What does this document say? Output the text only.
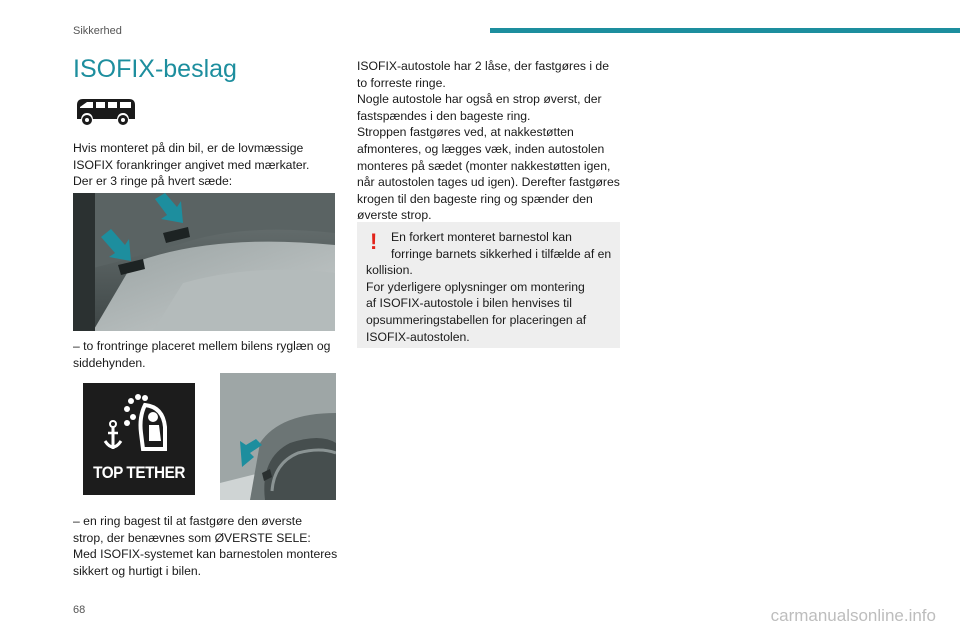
Sikkerhed
ISOFIX-beslag

Hvis monteret på din bil, er de lovmæssige

ISOFIX forankringer angivet med mærkater.

Der er 3 ringe på hvert sæde:

– to frontringe placeret mellem bilens ryglæn og

siddehynden.

TOP TETHER

– en ring bagest til at fastgøre den øverste

strop, der benævnes som ØVERSTE SELE:

Med ISOFIX-systemet kan barnestolen monteres

sikkert og hurtigt i bilen.

ISOFIX-autostole har 2 låse, der fastgøres i de

to forreste ringe.

Nogle autostole har også en strop øverst, der

fastspændes i den bageste ring.

Stroppen fastgøres ved, at nakkestøtten

afmonteres, og lægges væk, inden autostolen

monteres på sædet (monter nakkestøtten igen,

når autostolen tages ud igen). Derefter fastgøres

krogen til den bageste ring og spænder den

øverste strop.

!	En forkert monteret barnestol kan

forringe barnets sikkerhed i tilfælde af en

kollision.

For yderligere oplysninger om montering

af ISOFIX-autostole i bilen henvises til

opsummeringstabellen for placeringen af

ISOFIX-autostolen.

68	carmanualsonline.info
